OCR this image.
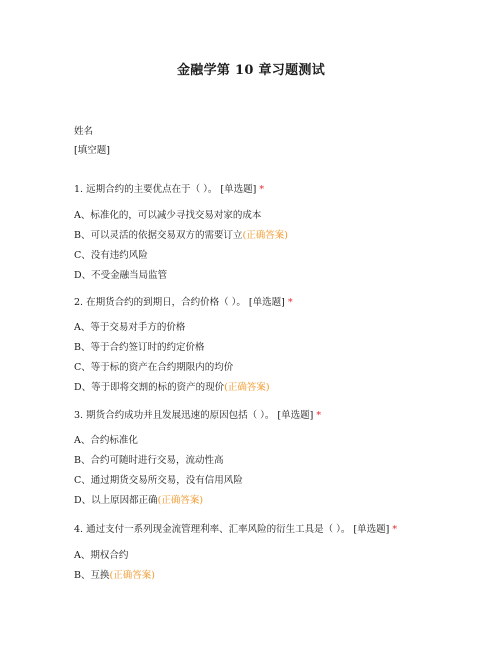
金融学第 10 章习题测试
姓名
[填空题]
1. 远期合约的主要优点在于（ ）。 [单选题] *
A、标准化的，可以减少寻找交易对家的成本
B、可以灵活的依据交易双方的需要订立(正确答案)
C、没有违约风险
D、不受金融当局监管
2. 在期货合约的到期日，合约价格（ ）。 [单选题] *
A、等于交易对手方的价格
B、等于合约签订时的约定价格
C、等于标的资产在合约期限内的均价
D、等于即将交割的标的资产的现价(正确答案)
3. 期货合约成功并且发展迅速的原因包括（ ）。 [单选题] *
A、合约标准化
B、合约可随时进行交易，流动性高
C、通过期货交易所交易，没有信用风险
D、以上原因都正确(正确答案)
4. 通过支付一系列现金流管理利率、汇率风险的衍生工具是（ ）。 [单选题] *
A、期权合约
B、互换(正确答案)
